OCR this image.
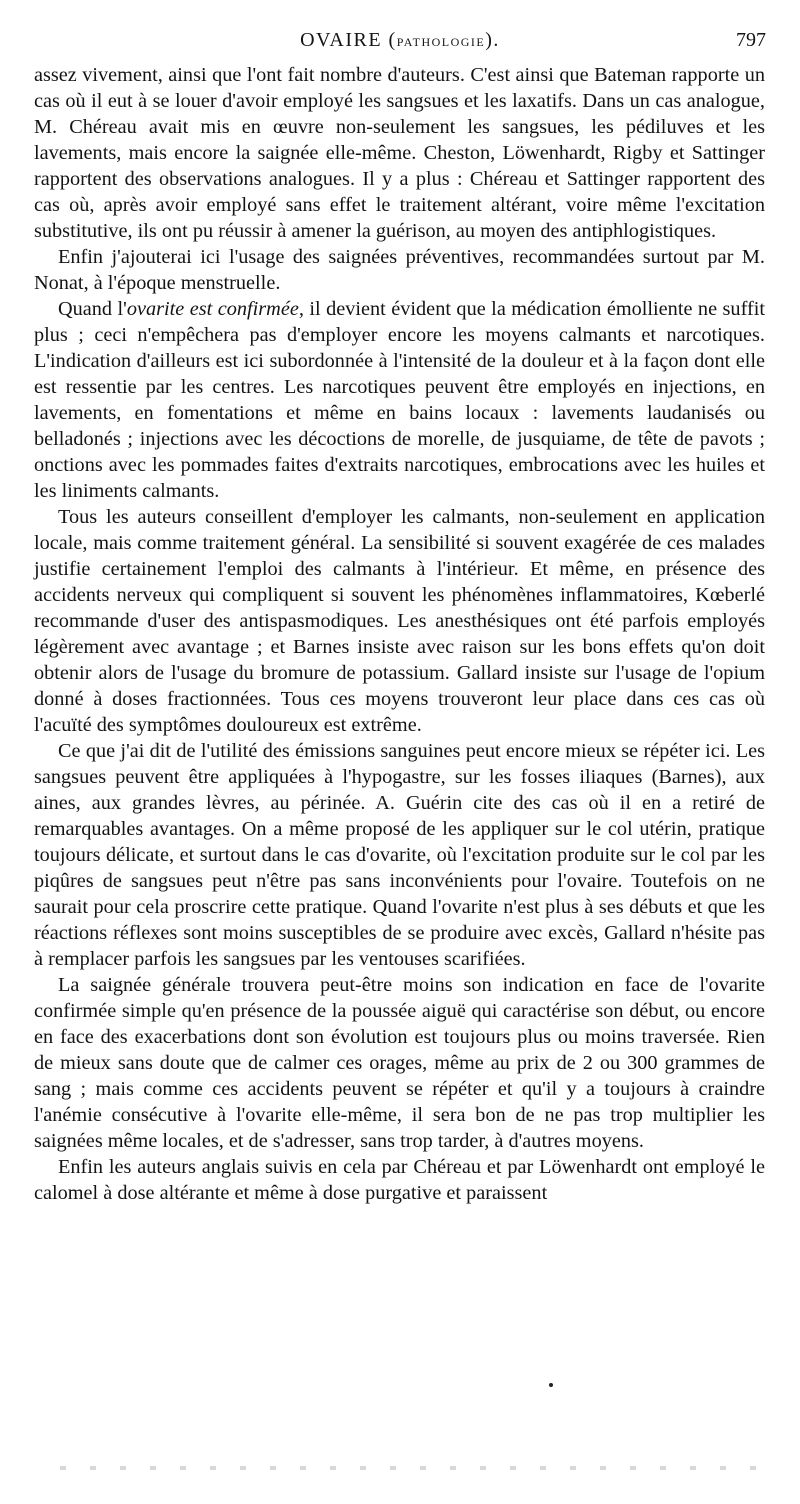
OVAIRE (PATHOLOGIE).	797

assez vivement, ainsi que l'ont fait nombre d'auteurs. C'est ainsi que Bateman rapporte un cas où il eut à se louer d'avoir employé les sangsues et les laxatifs. Dans un cas analogue, M. Chéreau avait mis en œuvre non-seulement les sangsues, les pédiluves et les lavements, mais encore la saignée elle-même. Cheston, Löwenhardt, Rigby et Sattinger rapportent des observations analogues. Il y a plus : Chéreau et Sattinger rapportent des cas où, après avoir employé sans effet le traitement altérant, voire même l'excitation substitutive, ils ont pu réussir à amener la guérison, au moyen des antiphlogistiques.

Enfin j'ajouterai ici l'usage des saignées préventives, recommandées surtout par M. Nonat, à l'époque menstruelle.

Quand l'ovarite est confirmée, il devient évident que la médication émolliente ne suffit plus ; ceci n'empêchera pas d'employer encore les moyens calmants et narcotiques. L'indication d'ailleurs est ici subordonnée à l'intensité de la douleur et à la façon dont elle est ressentie par les centres. Les narcotiques peuvent être employés en injections, en lavements, en fomentations et même en bains locaux : lavements laudanisés ou belladonés ; injections avec les décoctions de morelle, de jusquiame, de tête de pavots ; onctions avec les pommades faites d'extraits narcotiques, embrocations avec les huiles et les liniments calmants.

Tous les auteurs conseillent d'employer les calmants, non-seulement en application locale, mais comme traitement général. La sensibilité si souvent exagérée de ces malades justifie certainement l'emploi des calmants à l'intérieur. Et même, en présence des accidents nerveux qui compliquent si souvent les phénomènes inflammatoires, Kœberlé recommande d'user des antispasmodiques. Les anesthésiques ont été parfois employés légèrement avec avantage ; et Barnes insiste avec raison sur les bons effets qu'on doit obtenir alors de l'usage du bromure de potassium. Gallard insiste sur l'usage de l'opium donné à doses fractionnées. Tous ces moyens trouveront leur place dans ces cas où l'acuïté des symptômes douloureux est extrême.

Ce que j'ai dit de l'utilité des émissions sanguines peut encore mieux se répéter ici. Les sangsues peuvent être appliquées à l'hypogastre, sur les fosses iliaques (Barnes), aux aines, aux grandes lèvres, au périnée. A. Guérin cite des cas où il en a retiré de remarquables avantages. On a même proposé de les appliquer sur le col utérin, pratique toujours délicate, et surtout dans le cas d'ovarite, où l'excitation produite sur le col par les piqûres de sangsues peut n'être pas sans inconvénients pour l'ovaire. Toutefois on ne saurait pour cela proscrire cette pratique. Quand l'ovarite n'est plus à ses débuts et que les réactions réflexes sont moins susceptibles de se produire avec excès, Gallard n'hésite pas à remplacer parfois les sangsues par les ventouses scarifiées.

La saignée générale trouvera peut-être moins son indication en face de l'ovarite confirmée simple qu'en présence de la poussée aiguë qui caractérise son début, ou encore en face des exacerbations dont son évolution est toujours plus ou moins traversée. Rien de mieux sans doute que de calmer ces orages, même au prix de 2 ou 300 grammes de sang ; mais comme ces accidents peuvent se répéter et qu'il y a toujours à craindre l'anémie consécutive à l'ovarite elle-même, il sera bon de ne pas trop multiplier les saignées même locales, et de s'adresser, sans trop tarder, à d'autres moyens.

Enfin les auteurs anglais suivis en cela par Chéreau et par Löwenhardt ont employé le calomel à dose altérante et même à dose purgative et paraissent
